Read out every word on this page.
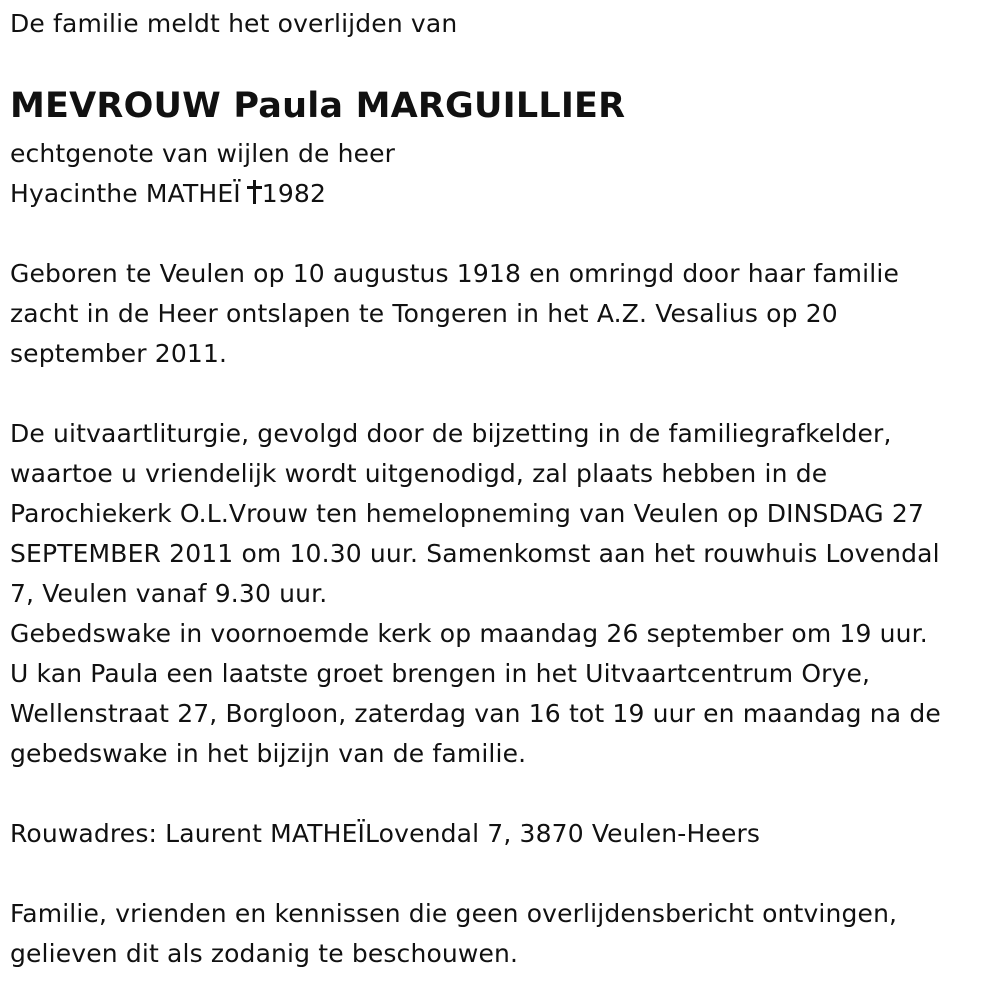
De familie meldt het overlijden van
MEVROUW Paula MARGUILLIER
echtgenote van wijlen de heer
Hyacinthe MATHEÏ 1982
Geboren te Veulen op 10 augustus 1918 en omringd door haar familie
zacht in de Heer ontslapen te Tongeren in het A.Z. Vesalius op 20
september 2011.
De uitvaartliturgie, gevolgd door de bijzetting in de familiegrafkelder,
waartoe u vriendelijk wordt uitgenodigd, zal plaats hebben in de
Parochiekerk O.L.Vrouw ten hemelopneming van Veulen op DINSDAG 27
SEPTEMBER 2011 om 10.30 uur. Samenkomst aan het rouwhuis Lovendal
7, Veulen vanaf 9.30 uur.
Gebedswake in voornoemde kerk op maandag 26 september om 19 uur.
U kan Paula een laatste groet brengen in het Uitvaartcentrum Orye,
Wellenstraat 27, Borgloon, zaterdag van 16 tot 19 uur en maandag na de
gebedswake in het bijzijn van de familie.
Rouwadres: Laurent MATHEÏLovendal 7, 3870 Veulen-Heers
Familie, vrienden en kennissen die geen overlijdensbericht ontvingen,
gelieven dit als zodanig te beschouwen.
